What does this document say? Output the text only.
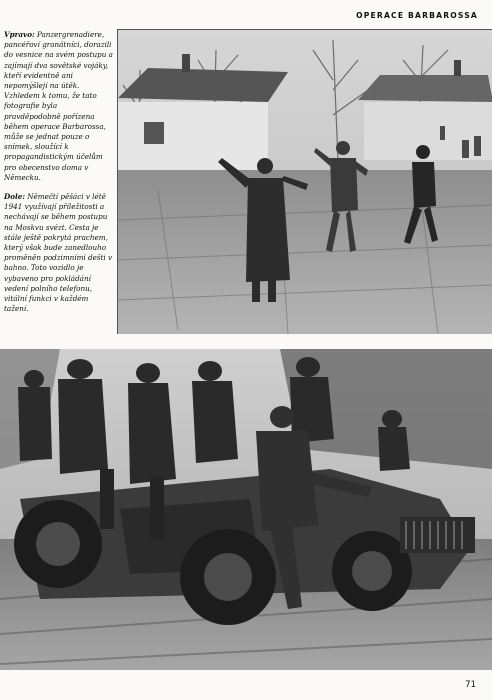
OPERACE BARBAROSSA

Vpravo: Panzergrenadiere, pancéřoví granátníci, dorazili do vesnice na svém postupu a zajímají dva sovětské vojáky, kteří evidentně ani nepomýšlejí na útěk. Vzhledem k tomu, že tato fotografie byla pravděpodobně pořízena během operace Barbarossa, může se jednat pouze o snímek, sloužící k propagandistickým účelům pro obecenstvo doma v Německu.

Dole: Němečtí pěšáci v létě 1941 využívají příležitosti a nechávají se během postupu na Moskvu svézt. Cesta je stále ještě pokrytá prachem, který však bude zanedlouho proměněn podzimními dešti v bahno. Toto vozidlo je vybaveno pro pokládání vedení polního telefonu, vitální funkci v každém tažení.

71
